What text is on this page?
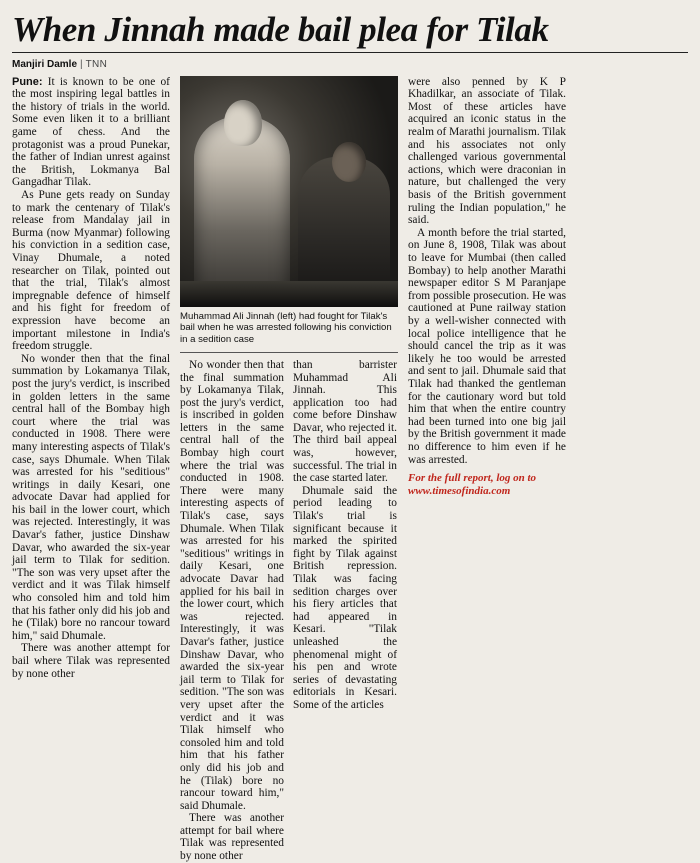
When Jinnah made bail plea for Tilak
Manjiri Damle | TNN

Pune: It is known to be one of the most inspiring legal battles in the history of trials in the world. Some even liken it to a brilliant game of chess. And the protagonist was a proud Punekar, the father of Indian unrest against the British, Lokmanya Bal Gangadhar Tilak.

As Pune gets ready on Sunday to mark the centenary of Tilak's release from Mandalay jail in Burma (now Myanmar) following his conviction in a sedition case, Vinay Dhumale, a noted researcher on Tilak, pointed out that the trial, Tilak's almost impregnable defence of himself and his fight for freedom of expression have become an important milestone in India's freedom struggle.

No wonder then that the final summation by Lokamanya Tilak, post the jury's verdict, is inscribed in golden letters in the same central hall of the Bombay high court where the trial was conducted in 1908. There were many interesting aspects of Tilak's case, says Dhumale. When Tilak was arrested for his "seditious" writings in daily Kesari, one advocate Davar had applied for his bail in the lower court, which was rejected. Interestingly, it was Davar's father, justice Dinshaw Davar, who awarded the six-year jail term to Tilak for sedition. "The son was very upset after the verdict and it was Tilak himself who consoled him and told him that his father only did his job and he (Tilak) bore no rancour toward him," said Dhumale.

There was another attempt for bail where Tilak was represented by none other

Muhammad Ali Jinnah (left) had fought for Tilak's bail when he was arrested following his conviction in a sedition case

No wonder then that the final summation by Lokamanya Tilak, post the jury's verdict, is inscribed in golden letters in the same central hall of the Bombay high court where the trial was conducted in 1908. There were many interesting aspects of Tilak's case, says Dhumale. When Tilak was arrested for his "seditious" writings in daily Kesari, one advocate Davar had applied for his bail in the lower court, which was rejected. Interestingly, it was Davar's father, justice Dinshaw Davar, who awarded the six-year jail term to Tilak for sedition. "The son was very upset after the verdict and it was Tilak himself who consoled him and told him that his father only did his job and he (Tilak) bore no rancour toward him," said Dhumale.

There was another attempt for bail where Tilak was represented by none other

than barrister Muhammad Ali Jinnah. This application too had come before Dinshaw Davar, who rejected it. The third bail appeal was, however, successful. The trial in the case started later.

Dhumale said the period leading to Tilak's trial is significant because it marked the spirited fight by Tilak against British repression. Tilak was facing sedition charges over his fiery articles that had appeared in Kesari. "Tilak unleashed the phenomenal might of his pen and wrote series of devastating editorials in Kesari. Some of the articles

were also penned by K P Khadilkar, an associate of Tilak. Most of these articles have acquired an iconic status in the realm of Marathi journalism. Tilak and his associates not only challenged various governmental actions, which were draconian in nature, but challenged the very basis of the British government ruling the Indian population," he said.

A month before the trial started, on June 8, 1908, Tilak was about to leave for Mumbai (then called Bombay) to help another Marathi newspaper editor S M Paranjape from possible prosecution. He was cautioned at Pune railway station by a well-wisher connected with local police intelligence that he should cancel the trip as it was likely he too would be arrested and sent to jail. Dhumale said that Tilak had thanked the gentleman for the cautionary word but told him that when the entire country had been turned into one big jail by the British government it made no difference to him even if he was arrested.

For the full report, log on to www.timesofindia.com
